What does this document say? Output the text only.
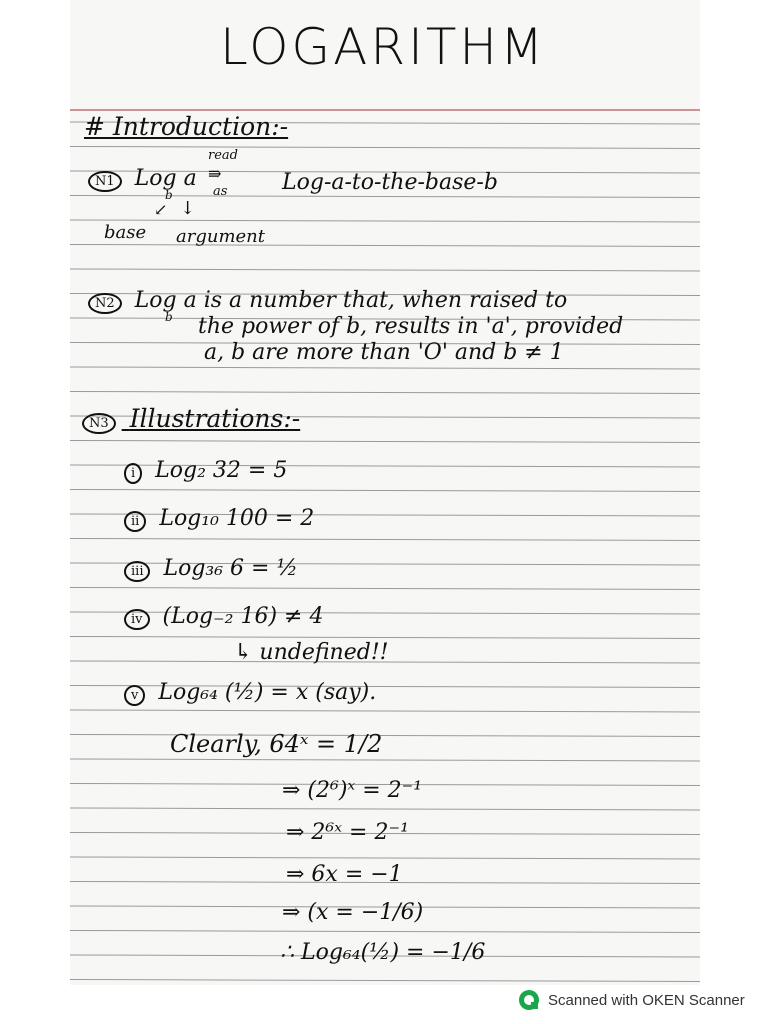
LOGARITHM
# Introduction:-
N1 Log a
b
read
⇛
as Log-a-to-the-base-b
↓
↙
base argument
N2 Log a is a number that, when raised to
b the power of b, results in 'a', provided
a, b are more than 'O' and b ≠ 1
N3 Illustrations:-
i Log₂ 32 = 5
ii Log₁₀ 100 = 2
iii Log₃₆ 6 = ½
iv (Log₋₂ 16) ≠ 4
↳ undefined!!
v Log₆₄ (½) = x (say).
Clearly, 64ˣ = 1/2
⇒ (2⁶)ˣ = 2⁻¹
⇒ 2⁶ˣ = 2⁻¹
⇒ 6x = −1
⇒ (x = −1/6)
∴ Log₆₄(½) = −1/6
Scanned with OKEN Scanner
